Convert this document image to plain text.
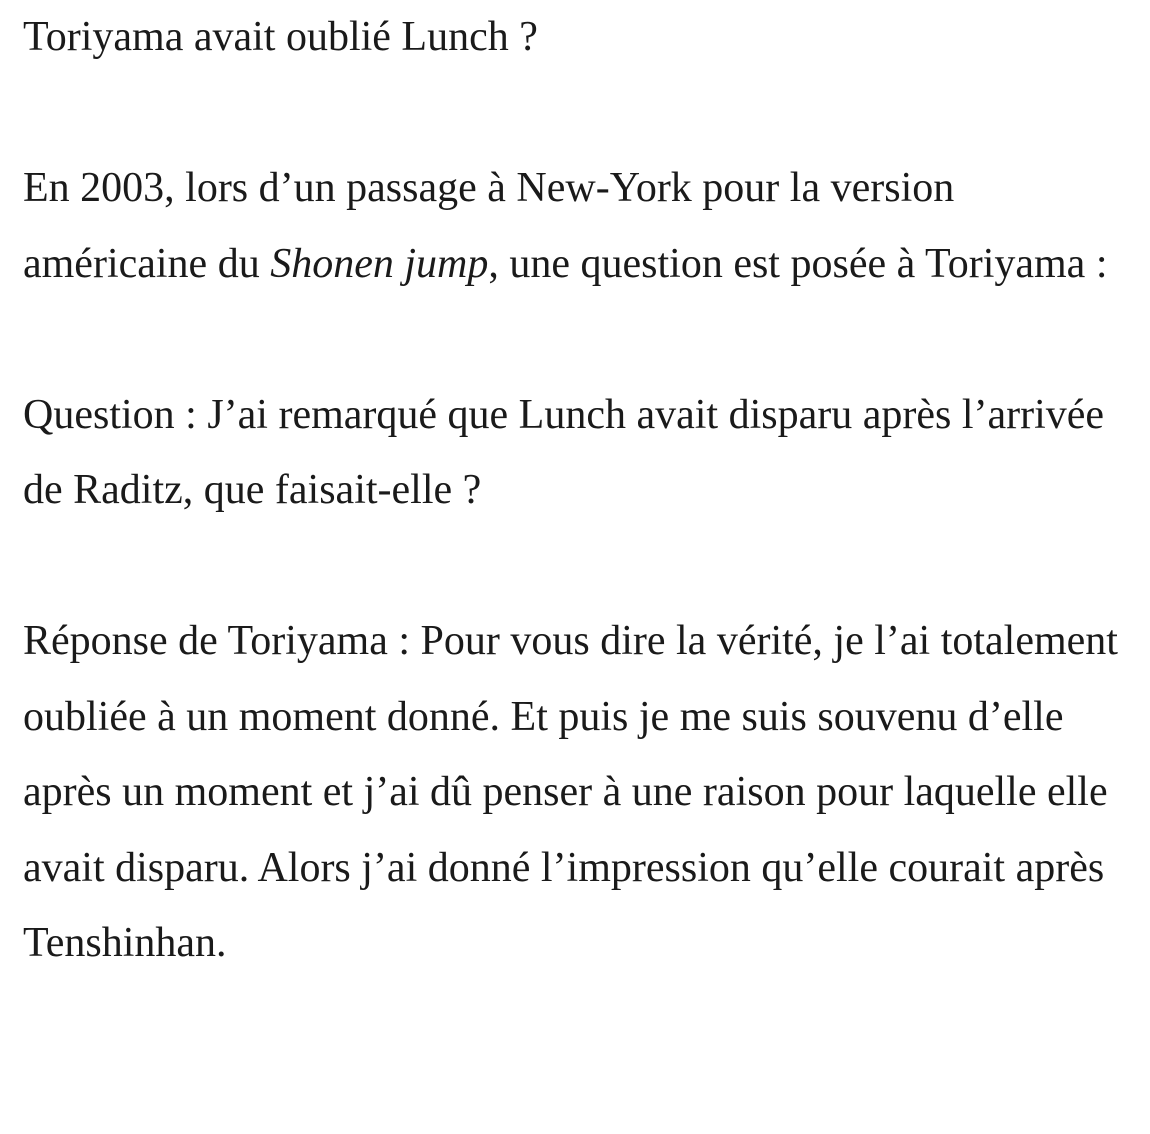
Toriyama avait oublié Lunch ?

En 2003, lors d’un passage à New-York pour la version américaine du Shonen jump, une question est posée à Toriyama :

Question : J’ai remarqué que Lunch avait disparu après l’arrivée de Raditz, que faisait-elle ?

Réponse de Toriyama : Pour vous dire la vérité, je l’ai totalement oubliée à un moment donné. Et puis je me suis souvenu d’elle après un moment et j’ai dû penser à une raison pour laquelle elle avait disparu. Alors j’ai donné l’impression qu’elle courait après Tenshinhan.
